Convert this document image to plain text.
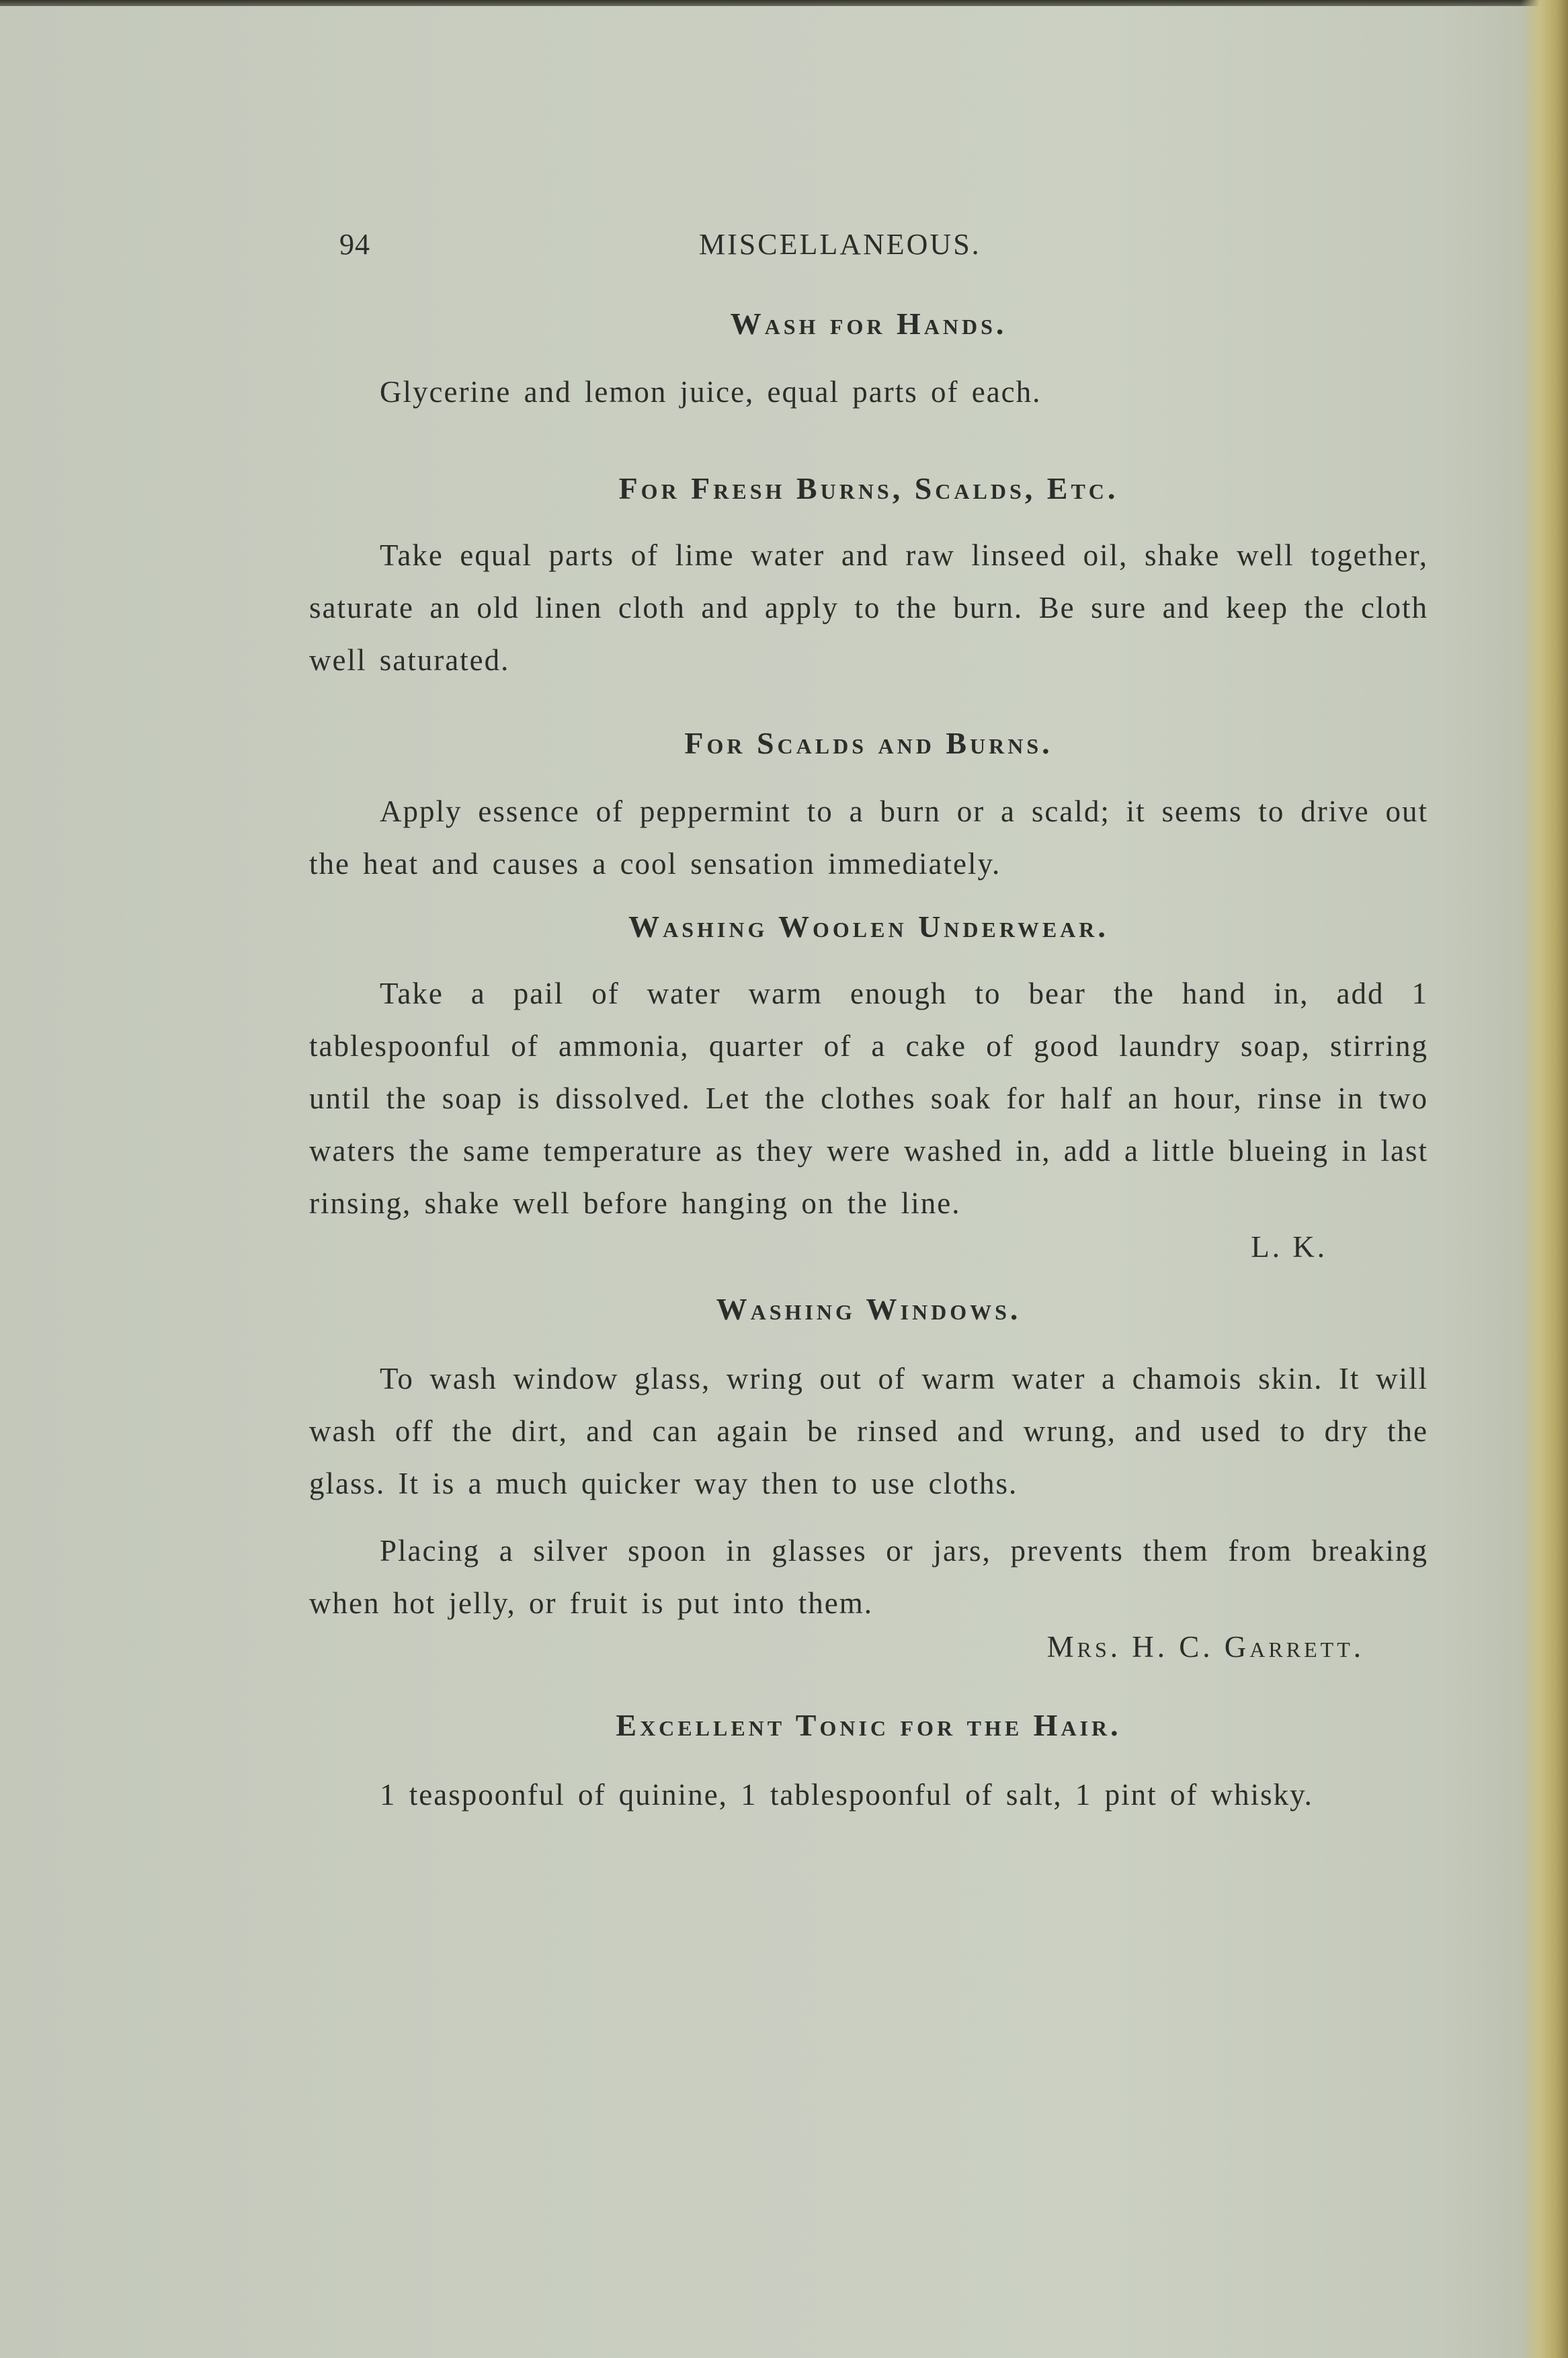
94	MISCELLANEOUS.
Wash for Hands.

Glycerine and lemon juice, equal parts of each.

For Fresh Burns, Scalds, Etc.

Take equal parts of lime water and raw linseed oil, shake well together, saturate an old linen cloth and apply to the burn. Be sure and keep the cloth well saturated.

For Scalds and Burns.

Apply essence of peppermint to a burn or a scald; it seems to drive out the heat and causes a cool sensation immediately.

Washing Woolen Underwear.

Take a pail of water warm enough to bear the hand in, add 1 tablespoonful of ammonia, quarter of a cake of good laundry soap, stirring until the soap is dissolved. Let the clothes soak for half an hour, rinse in two waters the same temperature as they were washed in, add a little blueing in last rinsing, shake well before hanging on the line.

L. K.

Washing Windows.

To wash window glass, wring out of warm water a chamois skin. It will wash off the dirt, and can again be rinsed and wrung, and used to dry the glass. It is a much quicker way then to use cloths.

Placing a silver spoon in glasses or jars, prevents them from breaking when hot jelly, or fruit is put into them.

Mrs. H. C. Garrett.

Excellent Tonic for the Hair.

1 teaspoonful of quinine, 1 tablespoonful of salt, 1 pint of whisky.
